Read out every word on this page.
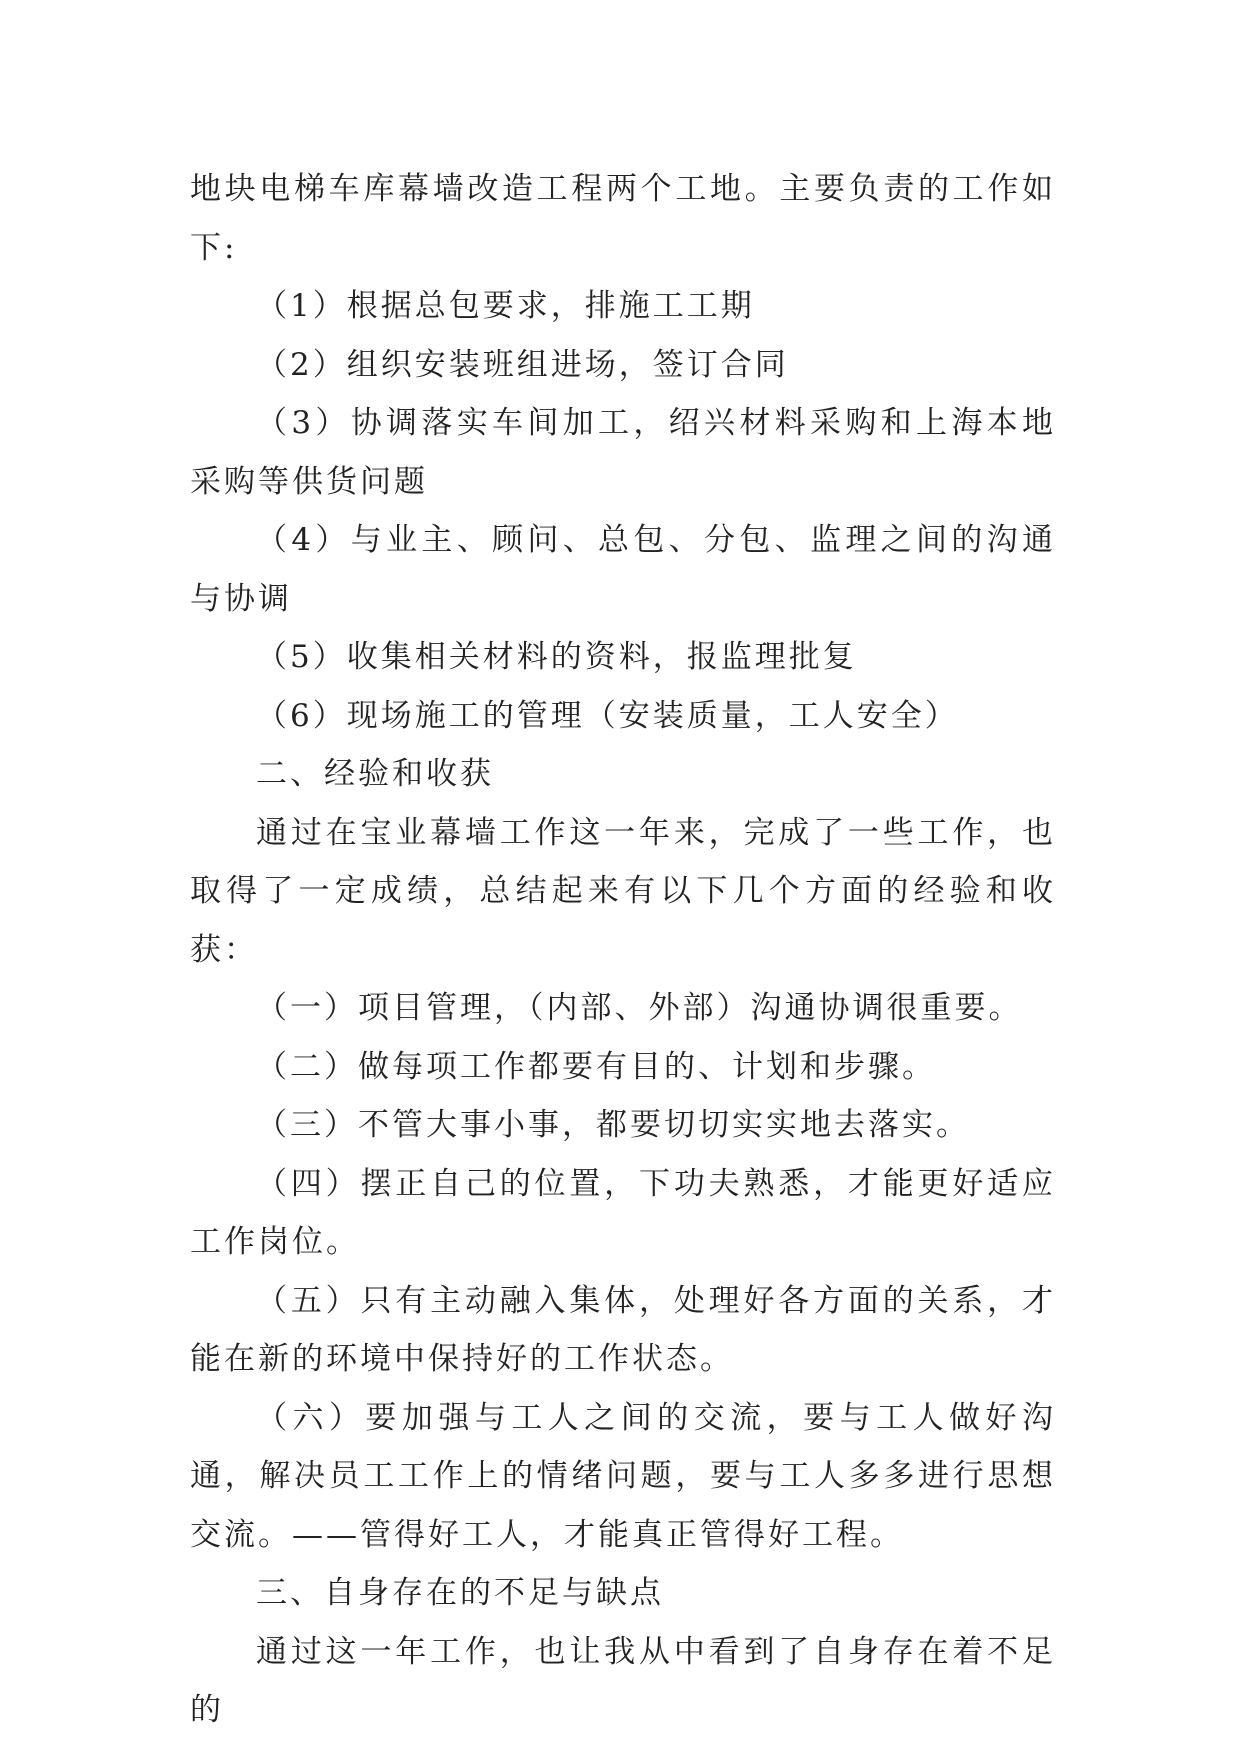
地块电梯车库幕墙改造工程两个工地。主要负责的工作如下:

（1）根据总包要求，排施工工期

（2）组织安装班组进场，签订合同

（3）协调落实车间加工，绍兴材料采购和上海本地采购等供货问题

（4）与业主、顾问、总包、分包、监理之间的沟通与协调

（5）收集相关材料的资料，报监理批复

（6）现场施工的管理（安装质量，工人安全）

二、经验和收获

通过在宝业幕墙工作这一年来，完成了一些工作，也取得了一定成绩，总结起来有以下几个方面的经验和收获：

（一）项目管理，（内部、外部）沟通协调很重要。

（二）做每项工作都要有目的、计划和步骤。

（三）不管大事小事，都要切切实实地去落实。

（四）摆正自己的位置，下功夫熟悉，才能更好适应工作岗位。

（五）只有主动融入集体，处理好各方面的关系，才能在新的环境中保持好的工作状态。

（六）要加强与工人之间的交流，要与工人做好沟通，解决员工工作上的情绪问题，要与工人多多进行思想交流。——管得好工人，才能真正管得好工程。

三、自身存在的不足与缺点

通过这一年工作，也让我从中看到了自身存在着不足的
